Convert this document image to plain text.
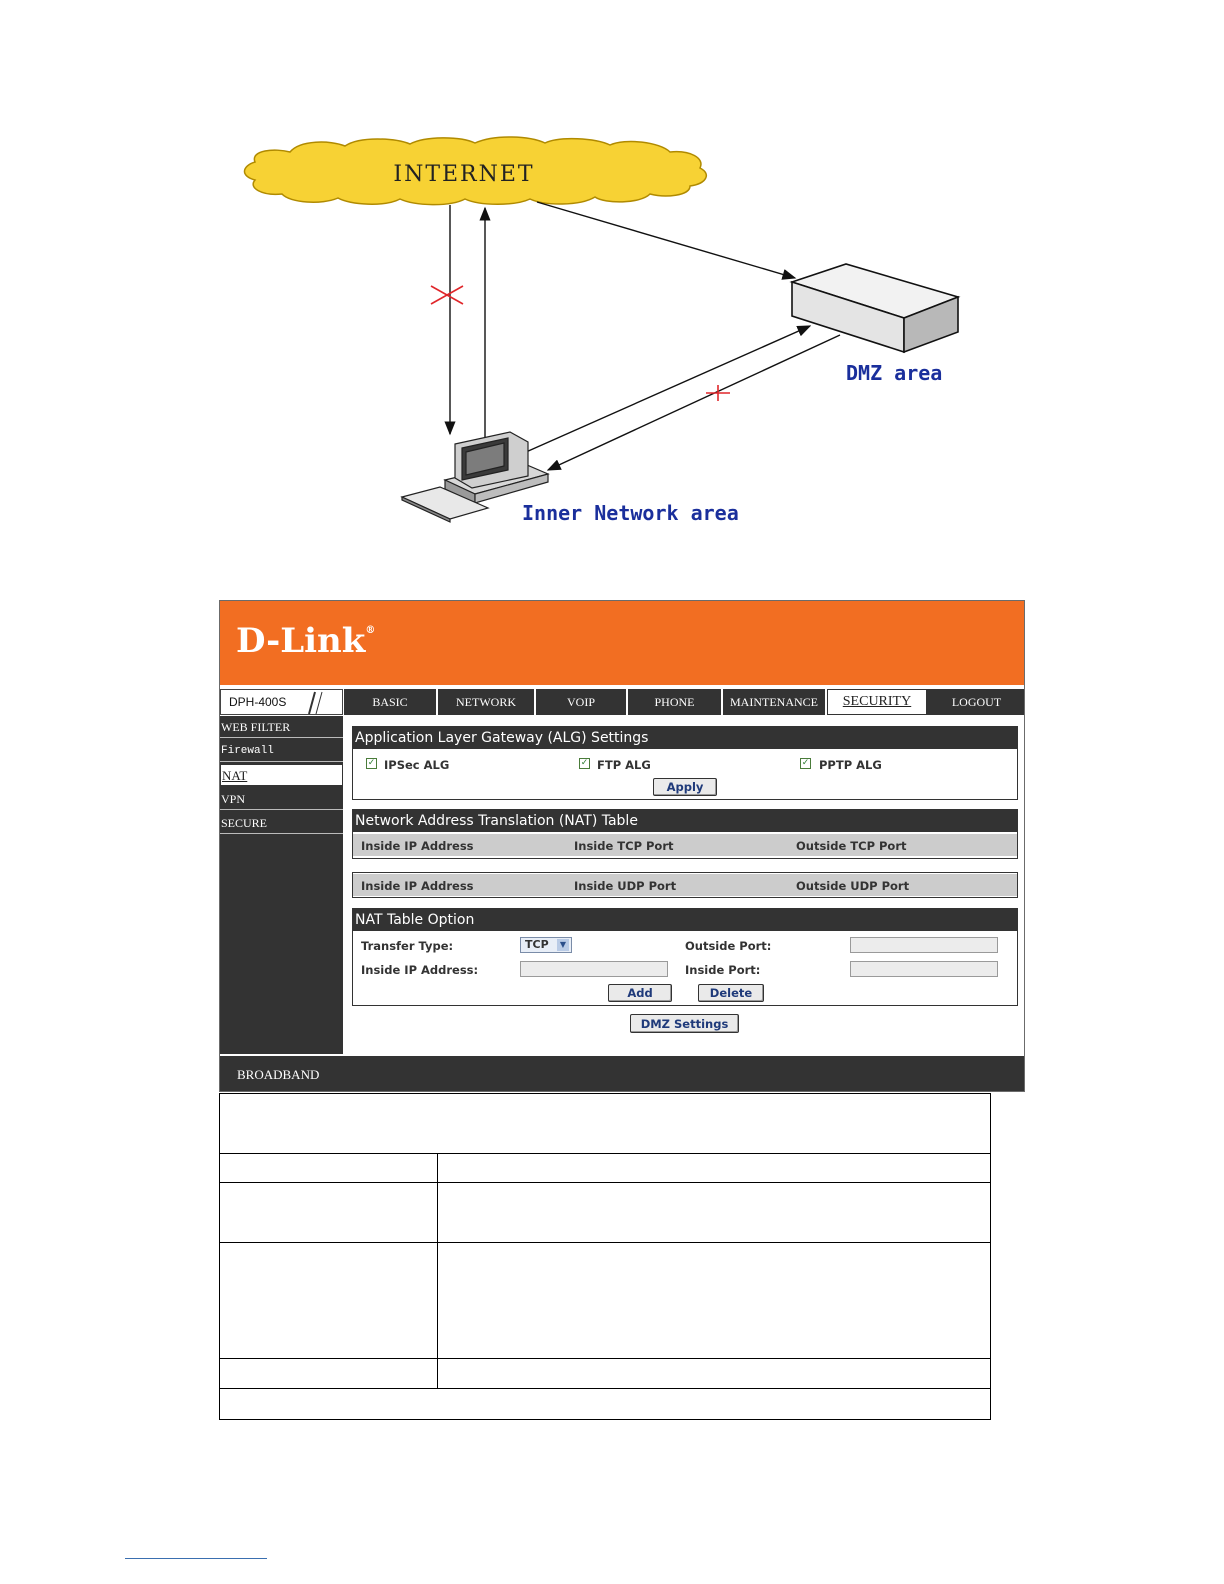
INTERNET
DMZ area
Inner Network area
D-Link®
DPH-400S	BASIC	NETWORK	VOIP	PHONE	MAINTENANCE	SECURITY	LOGOUT
WEB FILTER
Firewall
NAT
VPN
SECURE
Application Layer Gateway (ALG) Settings
✓ IPSec ALG	✓ FTP ALG	✓ PPTP ALG
Apply
Network Address Translation (NAT) Table
Inside IP Address	Inside TCP Port	Outside TCP Port
Inside IP Address	Inside UDP Port	Outside UDP Port
NAT Table Option
Transfer Type:	TCP	▼	Outside Port:
Inside IP Address:	Inside Port:
Add	Delete
DMZ Settings
BROADBAND
